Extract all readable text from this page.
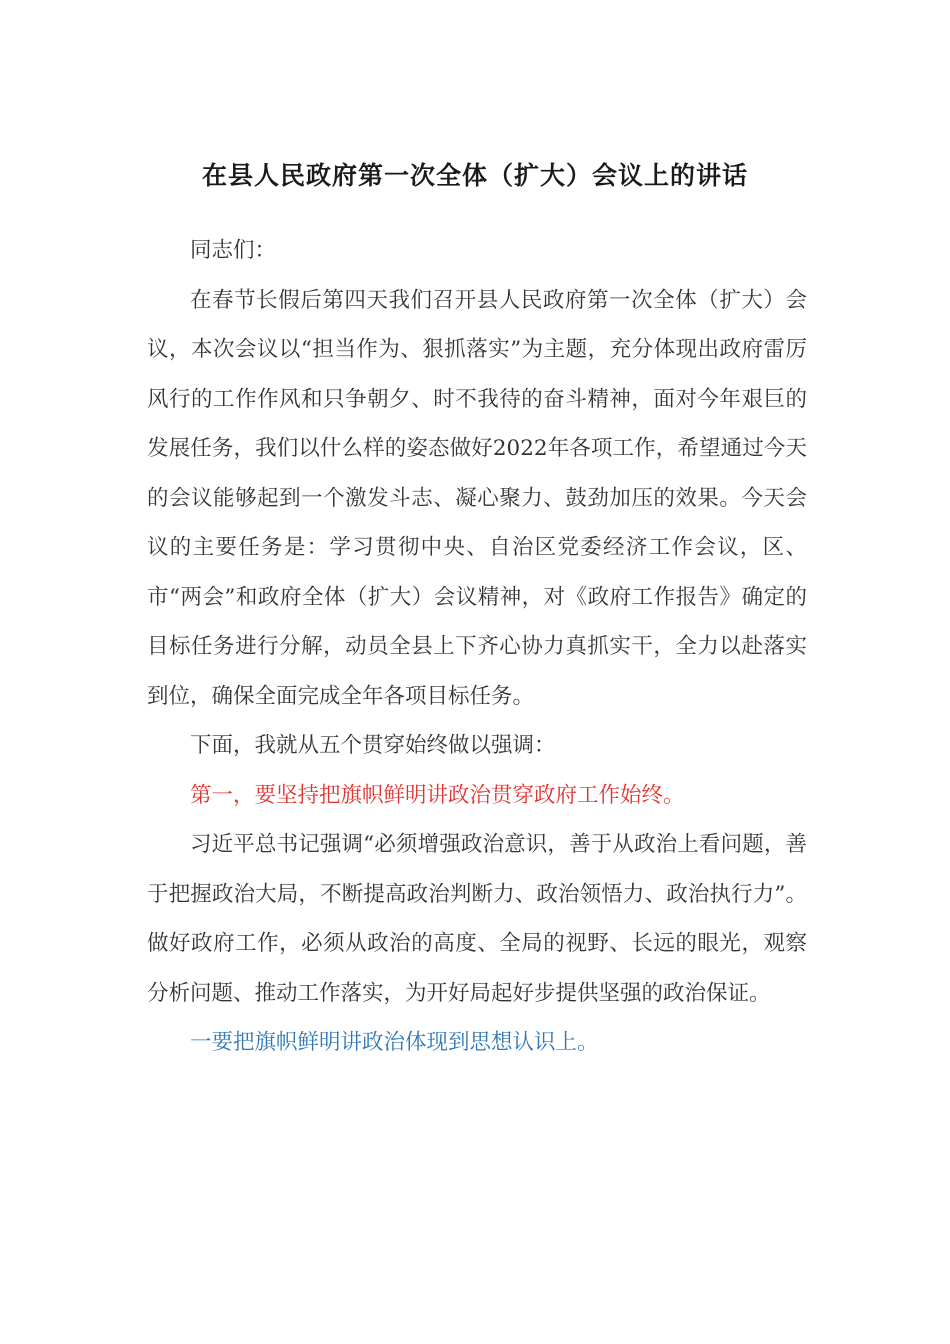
在县人民政府第一次全体（扩大）会议上的讲话

同志们：

在春节长假后第四天我们召开县人民政府第一次全体（扩大）会议，本次会议以“担当作为、狠抓落实”为主题，充分体现出政府雷厉风行的工作作风和只争朝夕、时不我待的奋斗精神，面对今年艰巨的发展任务，我们以什么样的姿态做好2022年各项工作，希望通过今天的会议能够起到一个激发斗志、凝心聚力、鼓劲加压的效果。今天会议的主要任务是：学习贯彻中央、自治区党委经济工作会议，区、市“两会”和政府全体（扩大）会议精神，对《政府工作报告》确定的目标任务进行分解，动员全县上下齐心协力真抓实干，全力以赴落实到位，确保全面完成全年各项目标任务。

下面，我就从五个贯穿始终做以强调：

第一，要坚持把旗帜鲜明讲政治贯穿政府工作始终。

习近平总书记强调“必须增强政治意识，善于从政治上看问题，善于把握政治大局，不断提高政治判断力、政治领悟力、政治执行力”。做好政府工作，必须从政治的高度、全局的视野、长远的眼光，观察分析问题、推动工作落实，为开好局起好步提供坚强的政治保证。

一要把旗帜鲜明讲政治体现到思想认识上。
